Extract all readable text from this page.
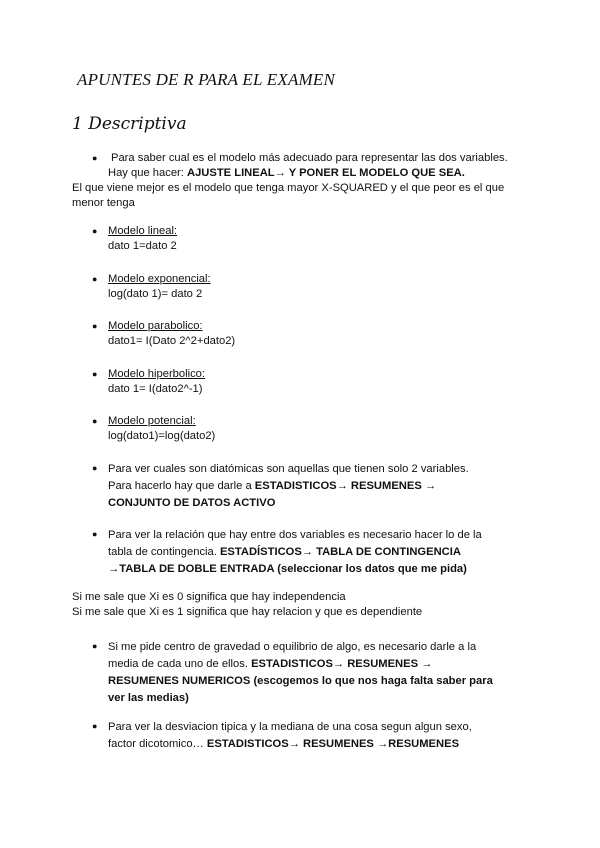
APUNTES DE R PARA EL EXAMEN
1 Descriptiva
● Para saber cual es el modelo más adecuado para representar las dos variables.
Hay que hacer: AJUSTE LINEAL→ Y PONER EL MODELO QUE SEA.
El que viene mejor es el modelo que tenga mayor X-SQUARED y el que peor es el que
menor tenga
● Modelo lineal:
dato 1=dato 2
● Modelo exponencial:
log(dato 1)= dato 2
● Modelo parabolico:
dato1= I(Dato 2^2+dato2)
● Modelo hiperbolico:
dato 1= I(dato2^-1)
● Modelo potencial:
log(dato1)=log(dato2)
● Para ver cuales son diatómicas son aquellas que tienen solo 2 variables.
Para hacerlo hay que darle a ESTADISTICOS→ RESUMENES →
CONJUNTO DE DATOS ACTIVO
● Para ver la relación que hay entre dos variables es necesario hacer lo de la
tabla de contingencia. ESTADÍSTICOS→ TABLA DE CONTINGENCIA
→TABLA DE DOBLE ENTRADA (seleccionar los datos que me pida)
Si me sale que Xi es 0 significa que hay independencia
Si me sale que Xi es 1 significa que hay relacion y que es dependiente
● Si me pide centro de gravedad o equilibrio de algo, es necesario darle a la
media de cada uno de ellos. ESTADISTICOS→ RESUMENES →
RESUMENES NUMERICOS (escogemos lo que nos haga falta saber para
ver las medias)
● Para ver la desviacion tipica y la mediana de una cosa segun algun sexo,
factor dicotomico… ESTADISTICOS→ RESUMENES →RESUMENES
